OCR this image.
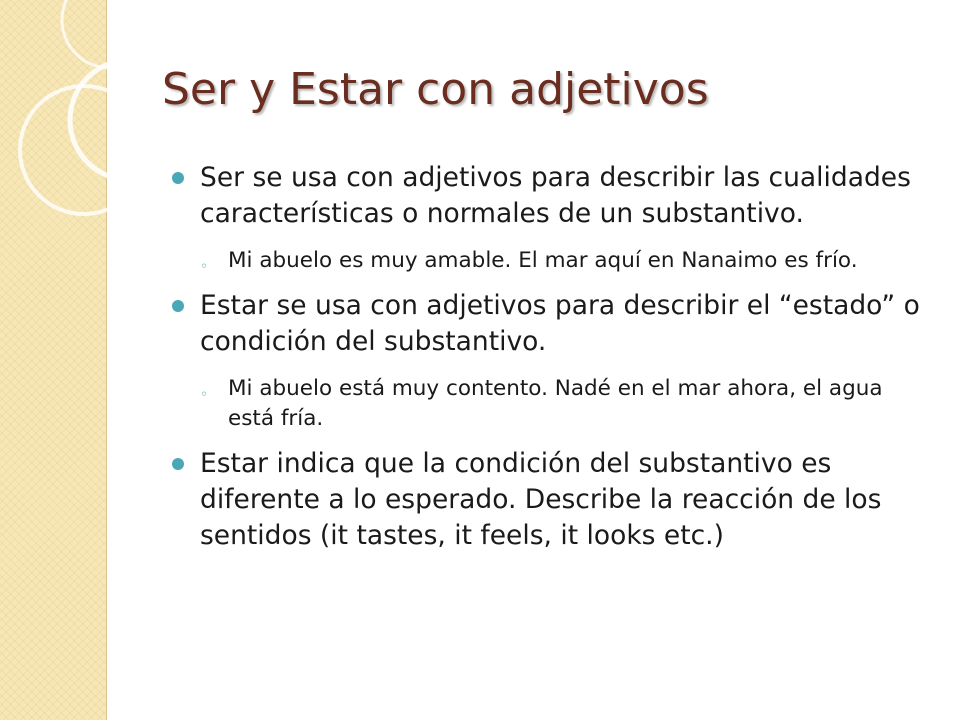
Ser y Estar con adjetivos
Ser se usa con adjetivos para describir las cualidades características o normales de un substantivo.
◦ Mi abuelo es muy amable. El mar aquí en Nanaimo es frío.
Estar se usa con adjetivos para describir el “estado” o condición del substantivo.
◦ Mi abuelo está muy contento. Nadé en el mar ahora, el agua está fría.
Estar indica que la condición del substantivo es diferente a lo esperado. Describe la reacción de los sentidos (it tastes, it feels, it looks etc.)
